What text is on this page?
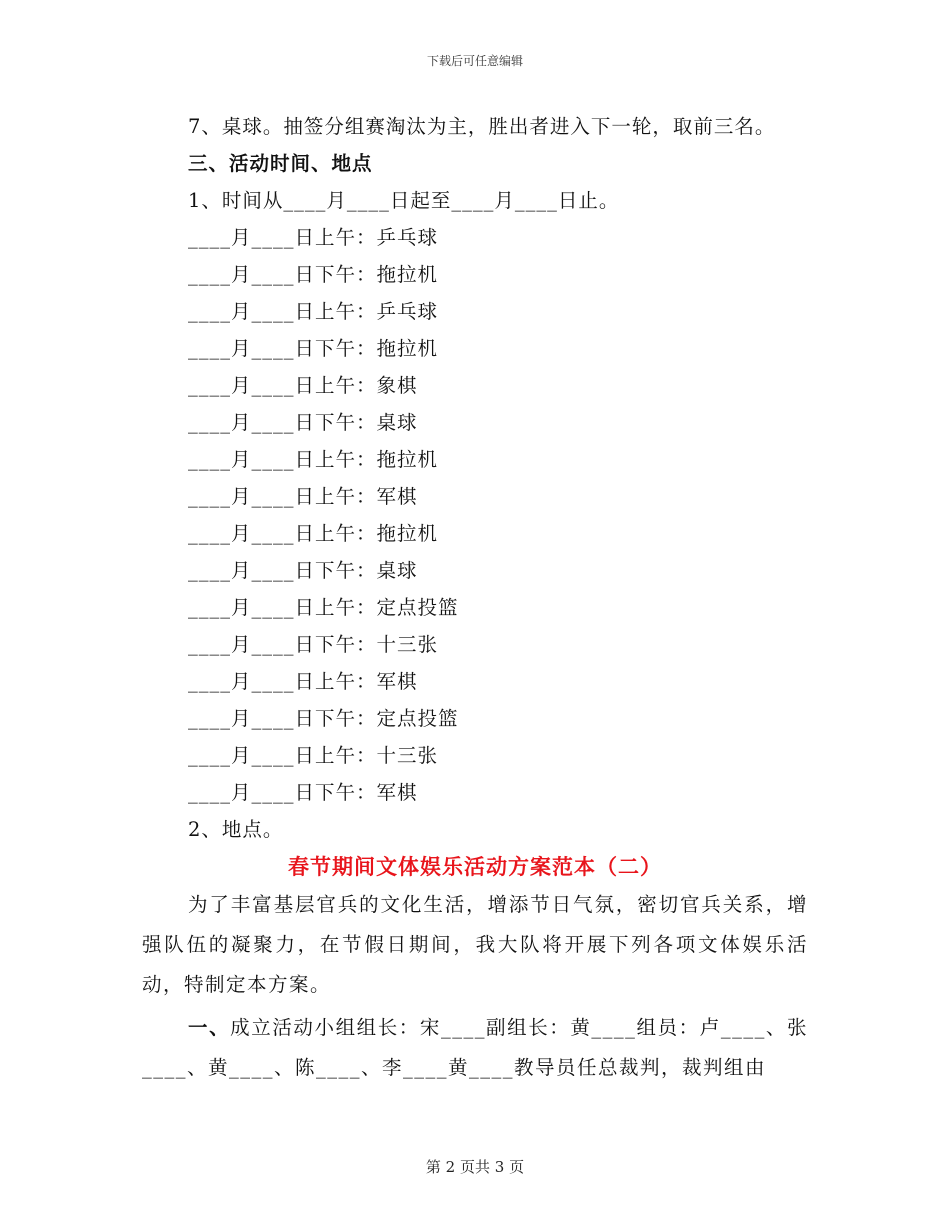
下载后可任意编辑
7、桌球。抽签分组赛淘汰为主，胜出者进入下一轮，取前三名。
三、活动时间、地点
1、时间从____月____日起至____月____日止。
____月____日上午：乒乓球
____月____日下午：拖拉机
____月____日上午：乒乓球
____月____日下午：拖拉机
____月____日上午：象棋
____月____日下午：桌球
____月____日上午：拖拉机
____月____日上午：军棋
____月____日上午：拖拉机
____月____日下午：桌球
____月____日上午：定点投篮
____月____日下午：十三张
____月____日上午：军棋
____月____日下午：定点投篮
____月____日上午：十三张
____月____日下午：军棋
2、地点。
春节期间文体娱乐活动方案范本（二）

为了丰富基层官兵的文化生活，增添节日气氛，密切官兵关系，增强队伍的凝聚力，在节假日期间，我大队将开展下列各项文体娱乐活动，特制定本方案。

一、成立活动小组组长：宋____副组长：黄____组员：卢____、张____、黄____、陈____、李____黄____教导员任总裁判，裁判组由

第 2 页共 3 页
